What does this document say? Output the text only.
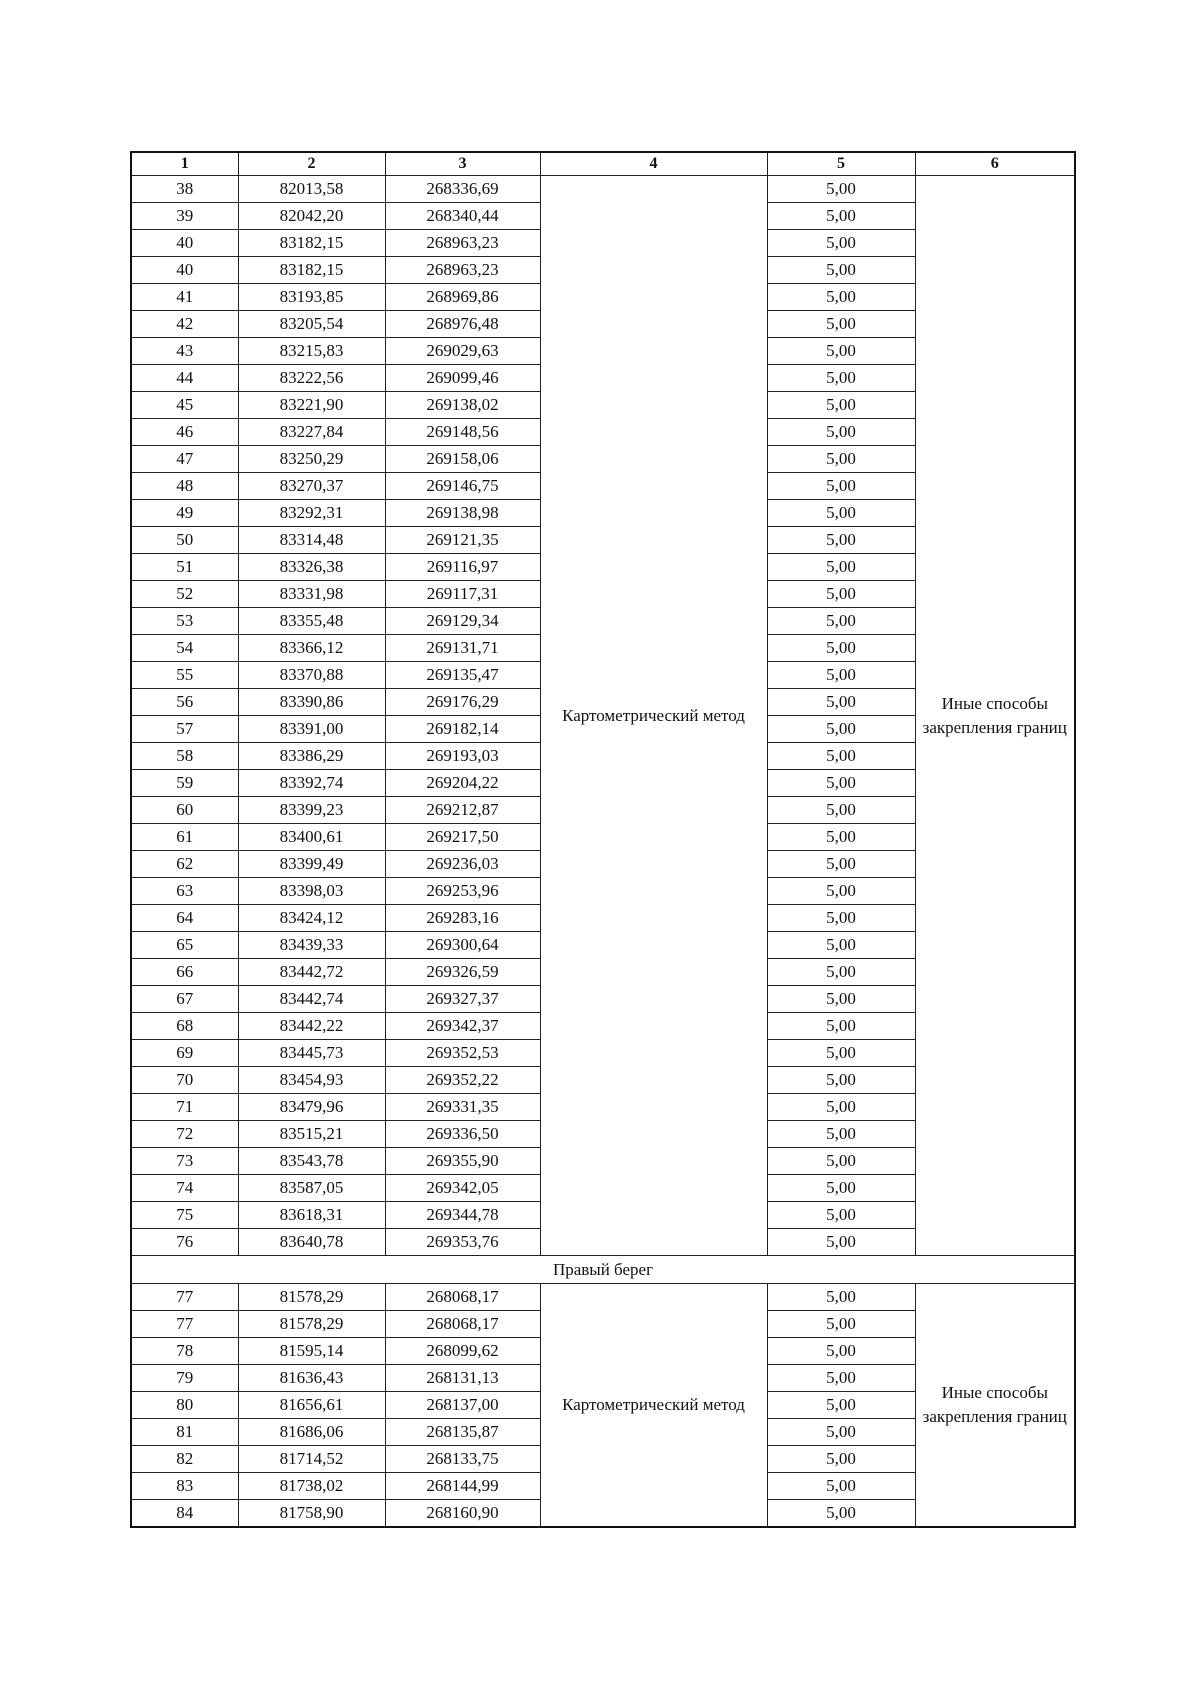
1	2	3	4	5	6
38	82013,58	268336,69	Картометрический метод	5,00	Иные способы закрепления границ
39	82042,20	268340,44		5,00	
40	83182,15	268963,23		5,00	
40	83182,15	268963,23		5,00	
41	83193,85	268969,86		5,00	
42	83205,54	268976,48		5,00	
43	83215,83	269029,63		5,00	
44	83222,56	269099,46		5,00	
45	83221,90	269138,02		5,00	
46	83227,84	269148,56		5,00	
47	83250,29	269158,06		5,00	
48	83270,37	269146,75		5,00	
49	83292,31	269138,98		5,00	
50	83314,48	269121,35		5,00	
51	83326,38	269116,97		5,00	
52	83331,98	269117,31		5,00	
53	83355,48	269129,34		5,00	
54	83366,12	269131,71		5,00	
55	83370,88	269135,47		5,00	
56	83390,86	269176,29		5,00	
57	83391,00	269182,14		5,00	
58	83386,29	269193,03		5,00	
59	83392,74	269204,22		5,00	
60	83399,23	269212,87		5,00	
61	83400,61	269217,50		5,00	
62	83399,49	269236,03		5,00	
63	83398,03	269253,96		5,00	
64	83424,12	269283,16		5,00	
65	83439,33	269300,64		5,00	
66	83442,72	269326,59		5,00	
67	83442,74	269327,37		5,00	
68	83442,22	269342,37		5,00	
69	83445,73	269352,53		5,00	
70	83454,93	269352,22		5,00	
71	83479,96	269331,35		5,00	
72	83515,21	269336,50		5,00	
73	83543,78	269355,90		5,00	
74	83587,05	269342,05		5,00	
75	83618,31	269344,78		5,00	
76	83640,78	269353,76		5,00	
Правый берег					
77	81578,29	268068,17	Картометрический метод	5,00	Иные способы закрепления границ
77	81578,29	268068,17		5,00	
78	81595,14	268099,62		5,00	
79	81636,43	268131,13		5,00	
80	81656,61	268137,00		5,00	
81	81686,06	268135,87		5,00	
82	81714,52	268133,75		5,00	
83	81738,02	268144,99		5,00	
84	81758,90	268160,90		5,00	
